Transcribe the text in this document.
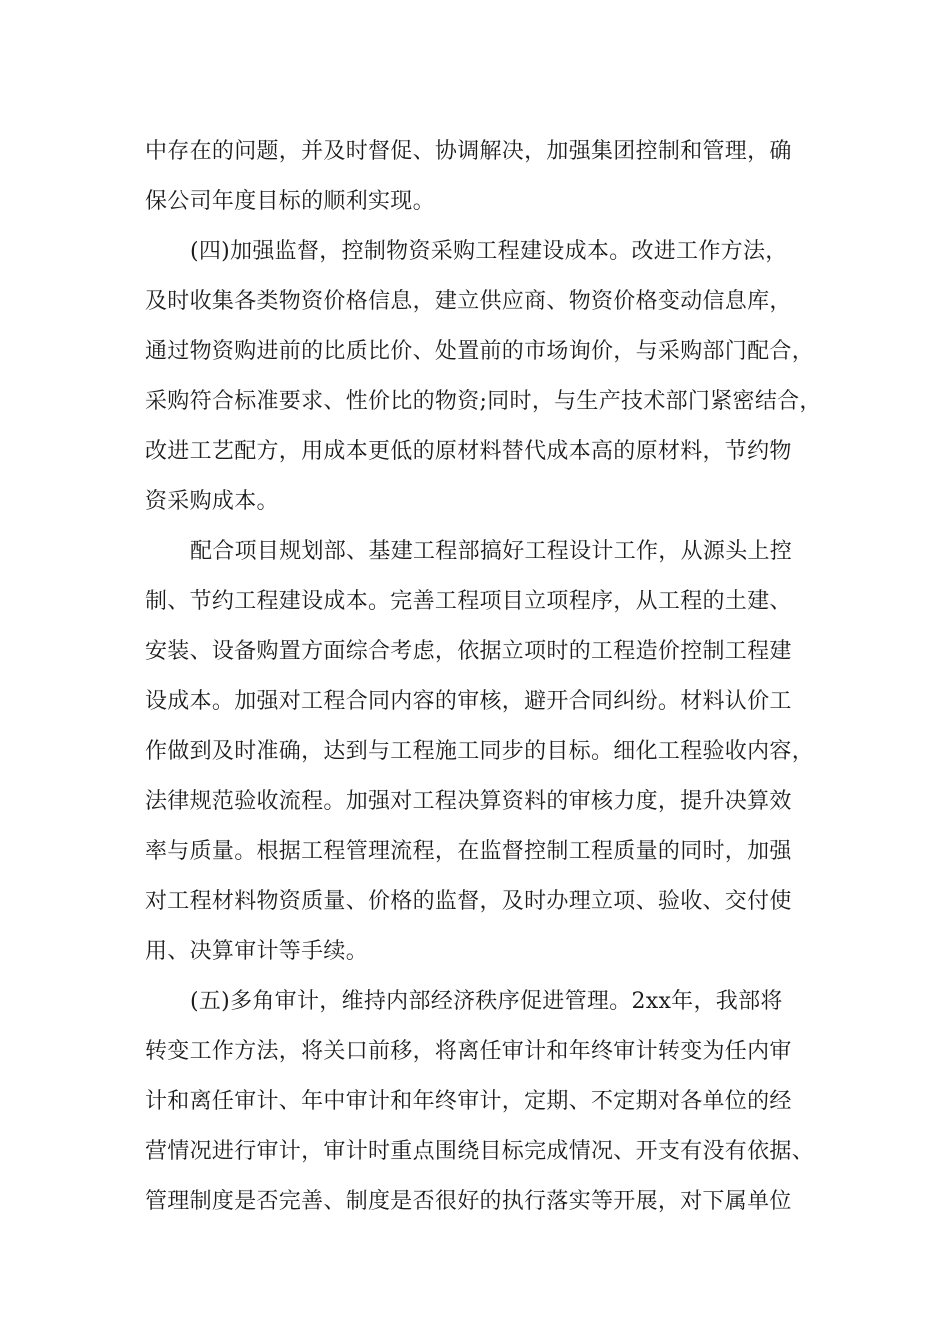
中存在的问题，并及时督促、协调解决，加强集团控制和管理，确
保公司年度目标的顺利实现。
(四)加强监督，控制物资采购工程建设成本。改进工作方法，
及时收集各类物资价格信息，建立供应商、物资价格变动信息库，
通过物资购进前的比质比价、处置前的市场询价，与采购部门配合，
采购符合标准要求、性价比的物资;同时，与生产技术部门紧密结合，
改进工艺配方，用成本更低的原材料替代成本高的原材料，节约物
资采购成本。
配合项目规划部、基建工程部搞好工程设计工作，从源头上控
制、节约工程建设成本。完善工程项目立项程序，从工程的土建、
安装、设备购置方面综合考虑，依据立项时的工程造价控制工程建
设成本。加强对工程合同内容的审核，避开合同纠纷。材料认价工
作做到及时准确，达到与工程施工同步的目标。细化工程验收内容，
法律规范验收流程。加强对工程决算资料的审核力度，提升决算效
率与质量。根据工程管理流程，在监督控制工程质量的同时，加强
对工程材料物资质量、价格的监督，及时办理立项、验收、交付使
用、决算审计等手续。
(五)多角审计，维持内部经济秩序促进管理。2xx年，我部将
转变工作方法，将关口前移，将离任审计和年终审计转变为任内审
计和离任审计、年中审计和年终审计，定期、不定期对各单位的经
营情况进行审计，审计时重点围绕目标完成情况、开支有没有依据、
管理制度是否完善、制度是否很好的执行落实等开展，对下属单位
